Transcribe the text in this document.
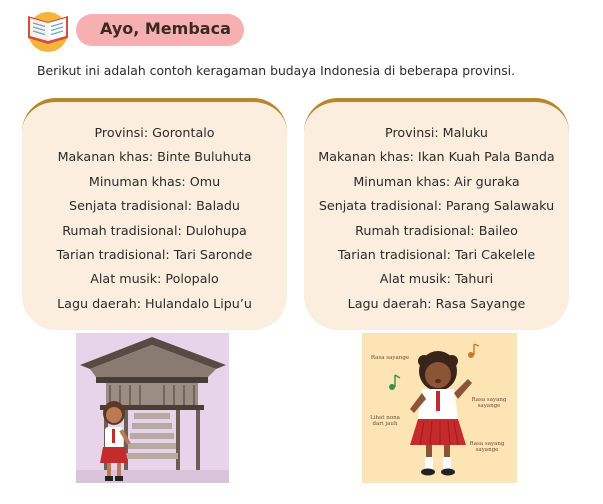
Ayo, Membaca
Berikut ini adalah contoh keragaman budaya Indonesia di beberapa provinsi.
Provinsi: Gorontalo
Makanan khas: Binte Buluhuta
Minuman khas: Omu
Senjata tradisional: Baladu
Rumah tradisional: Dulohupa
Tarian tradisional: Tari Saronde
Alat musik: Polopalo
Lagu daerah: Hulandalo Lipu’u
Provinsi: Maluku
Makanan khas: Ikan Kuah Pala Banda
Minuman khas: Air guraka
Senjata tradisional: Parang Salawaku
Rumah tradisional: Baileo
Tarian tradisional: Tari Cakelele
Alat musik: Tahuri
Lagu daerah: Rasa Sayange
Rasa sayange
Rasa sayang sayange
Lihat nona dari jauh
Rasa sayang sayange
